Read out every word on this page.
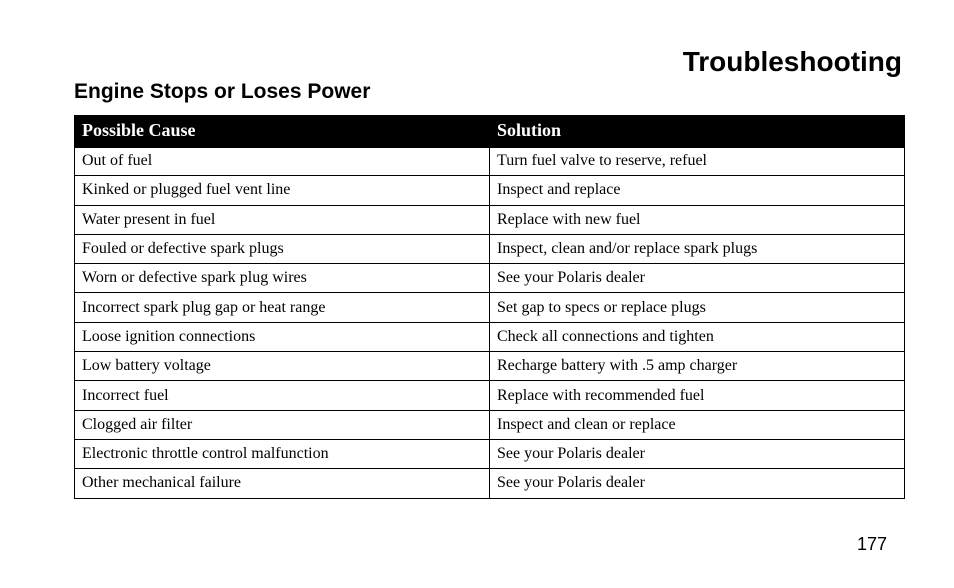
Troubleshooting
Engine Stops or Loses Power
Possible Cause	Solution
Out of fuel	Turn fuel valve to reserve, refuel
Kinked or plugged fuel vent line	Inspect and replace
Water present in fuel	Replace with new fuel
Fouled or defective spark plugs	Inspect, clean and/or replace spark plugs
Worn or defective spark plug wires	See your Polaris dealer
Incorrect spark plug gap or heat range	Set gap to specs or replace plugs
Loose ignition connections	Check all connections and tighten
Low battery voltage	Recharge battery with .5 amp charger
Incorrect fuel	Replace with recommended fuel
Clogged air filter	Inspect and clean or replace
Electronic throttle control malfunction	See your Polaris dealer
Other mechanical failure	See your Polaris dealer

177
